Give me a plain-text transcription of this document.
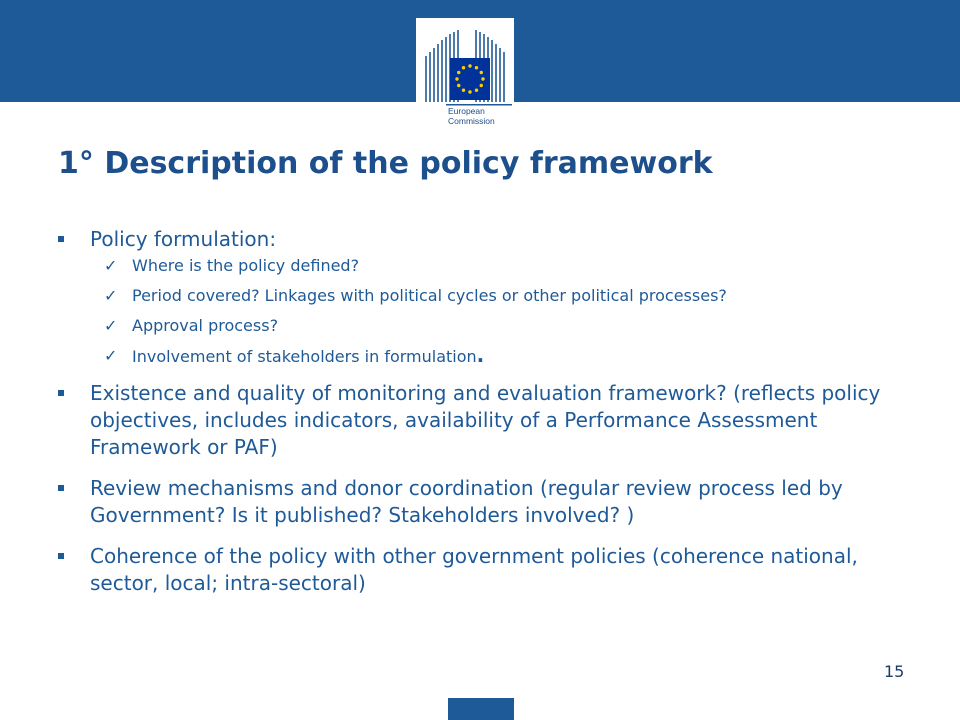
European
Commission
1° Description of the policy framework
Policy formulation:
✓ Where is the policy defined?
✓ Period covered? Linkages with political cycles or other political processes?
✓ Approval process?
✓ Involvement of stakeholders in formulation.
Existence and quality of monitoring and evaluation framework? (reflects policy objectives, includes indicators, availability of a Performance Assessment Framework or PAF)
Review mechanisms and donor coordination (regular review process led by Government? Is it published? Stakeholders involved? )
Coherence of the policy with other government policies (coherence national, sector, local; intra-sectoral)
15
